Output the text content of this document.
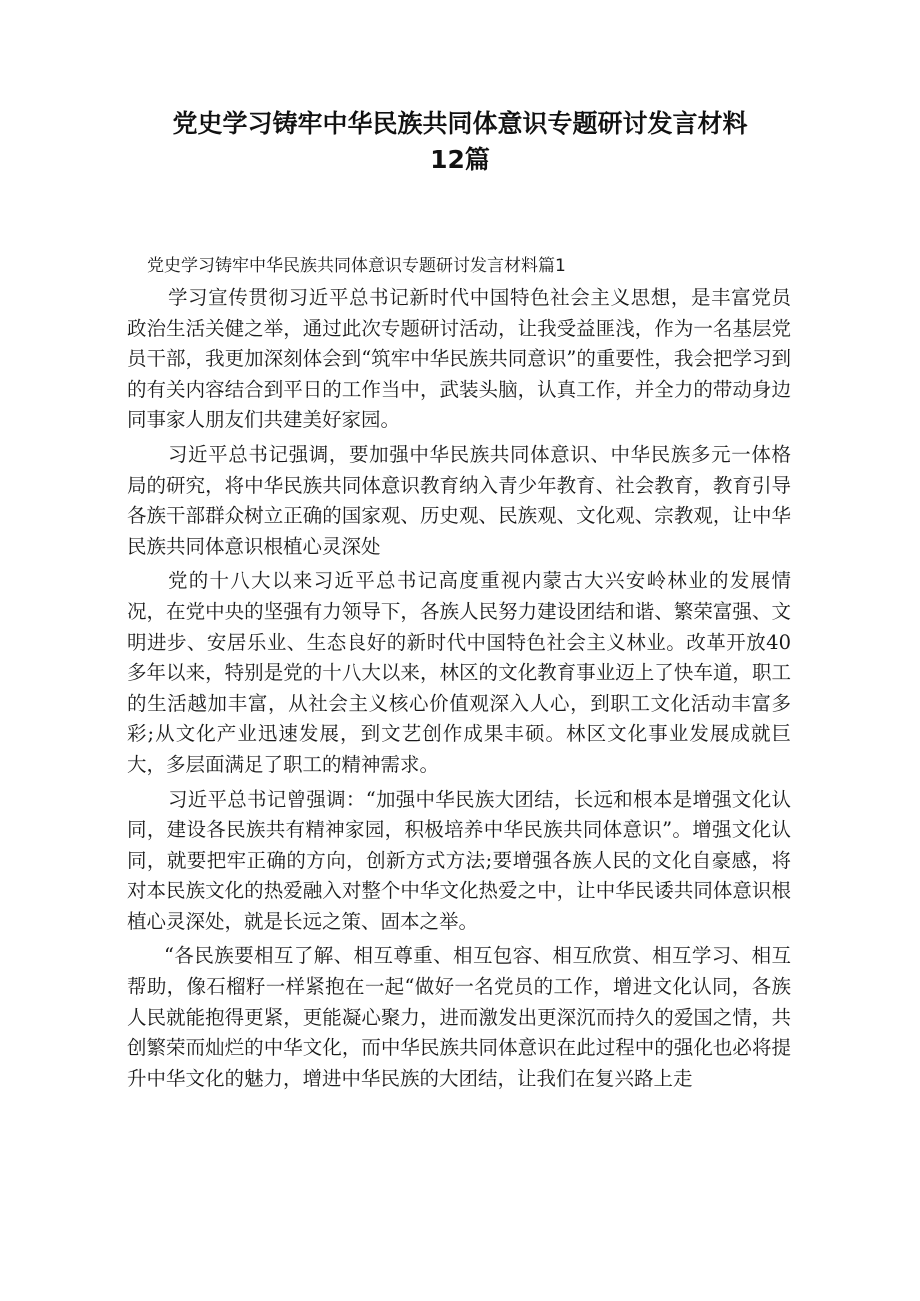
党史学习铸牢中华民族共同体意识专题研讨发言材料
12篇
党史学习铸牢中华民族共同体意识专题研讨发言材料篇1

学习宣传贯彻习近平总书记新时代中国特色社会主义思想，是丰富党员政治生活关健之举，通过此次专题研讨活动，让我受益匪浅，作为一名基层党员干部，我更加深刻体会到“筑牢中华民族共同意识”的重要性，我会把学习到的有关内容结合到平日的工作当中，武装头脑，认真工作，并全力的带动身边同事家人朋友们共建美好家园。

习近平总书记强调，要加强中华民族共同体意识、中华民族多元一体格局的研究，将中华民族共同体意识教育纳入青少年教育、社会教育，教育引导各族干部群众树立正确的国家观、历史观、民族观、文化观、宗教观，让中华民族共同体意识根植心灵深处

党的十八大以来习近平总书记高度重视内蒙古大兴安岭林业的发展情况，在党中央的坚强有力领导下，各族人民努力建设团结和谐、繁荣富强、文明进步、安居乐业、生态良好的新时代中国特色社会主义林业。改革开放40多年以来，特别是党的十八大以来，林区的文化教育事业迈上了快车道，职工的生活越加丰富，从社会主义核心价值观深入人心，到职工文化活动丰富多彩;从文化产业迅速发展，到文艺创作成果丰硕。林区文化事业发展成就巨大，多层面满足了职工的精神需求。

习近平总书记曾强调：“加强中华民族大团结，长远和根本是增强文化认同，建设各民族共有精神家园，积极培养中华民族共同体意识”。增强文化认同，就要把牢正确的方向，创新方式方法;要增强各族人民的文化自豪感，将对本民族文化的热爱融入对整个中华文化热爱之中，让中华民诿共同体意识根植心灵深处，就是长远之策、固本之举。

“各民族要相互了解、相互尊重、相互包容、相互欣赏、相互学习、相互帮助，像石榴籽一样紧抱在一起“做好一名党员的工作，增进文化认同，各族人民就能抱得更紧，更能凝心聚力，进而激发出更深沉而持久的爱国之情，共创繁荣而灿烂的中华文化，而中华民族共同体意识在此过程中的强化也必将提升中华文化的魅力，增进中华民族的大团结，让我们在复兴路上走
